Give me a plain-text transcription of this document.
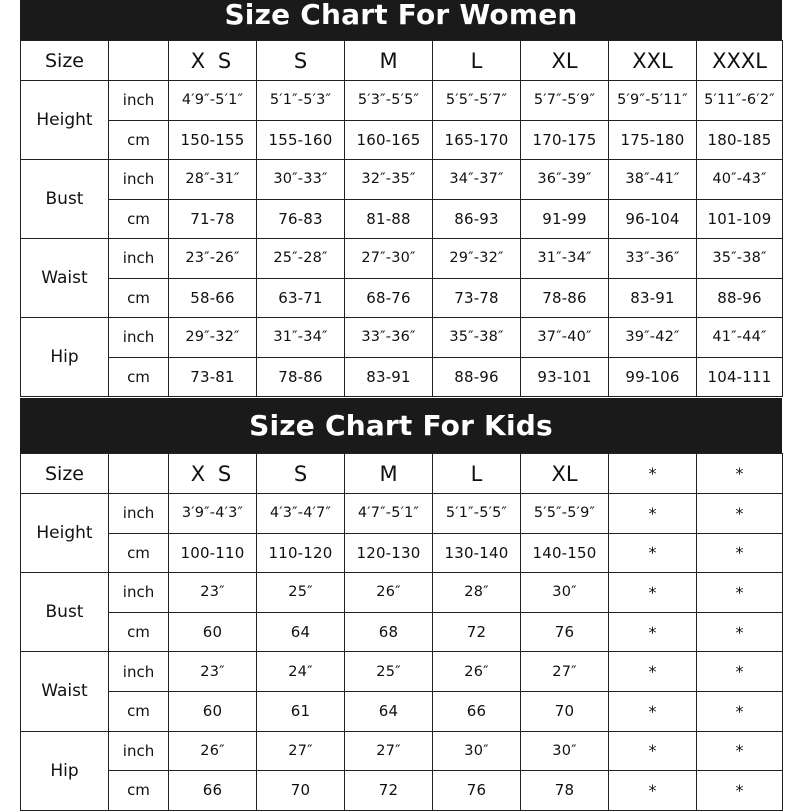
Size Chart For Women
Size		X S	S	M	L	XL	XXL	XXXL
Height	inch	4′9″-5′1″	5′1″-5′3″	5′3″-5′5″	5′5″-5′7″	5′7″-5′9″	5′9″-5′11″	5′11″-6′2″
	cm	150-155	155-160	160-165	165-170	170-175	175-180	180-185
Bust	inch	28″-31″	30″-33″	32″-35″	34″-37″	36″-39″	38″-41″	40″-43″
	cm	71-78	76-83	81-88	86-93	91-99	96-104	101-109
Waist	inch	23″-26″	25″-28″	27″-30″	29″-32″	31″-34″	33″-36″	35″-38″
	cm	58-66	63-71	68-76	73-78	78-86	83-91	88-96
Hip	inch	29″-32″	31″-34″	33″-36″	35″-38″	37″-40″	39″-42″	41″-44″
	cm	73-81	78-86	83-91	88-96	93-101	99-106	104-111
Size Chart For Kids
Size		X S	S	M	L	XL	*	*
Height	inch	3′9″-4′3″	4′3″-4′7″	4′7″-5′1″	5′1″-5′5″	5′5″-5′9″	*	*
	cm	100-110	110-120	120-130	130-140	140-150	*	*
Bust	inch	23″	25″	26″	28″	30″	*	*
	cm	60	64	68	72	76	*	*
Waist	inch	23″	24″	25″	26″	27″	*	*
	cm	60	61	64	66	70	*	*
Hip	inch	26″	27″	27″	30″	30″	*	*
	cm	66	70	72	76	78	*	*
